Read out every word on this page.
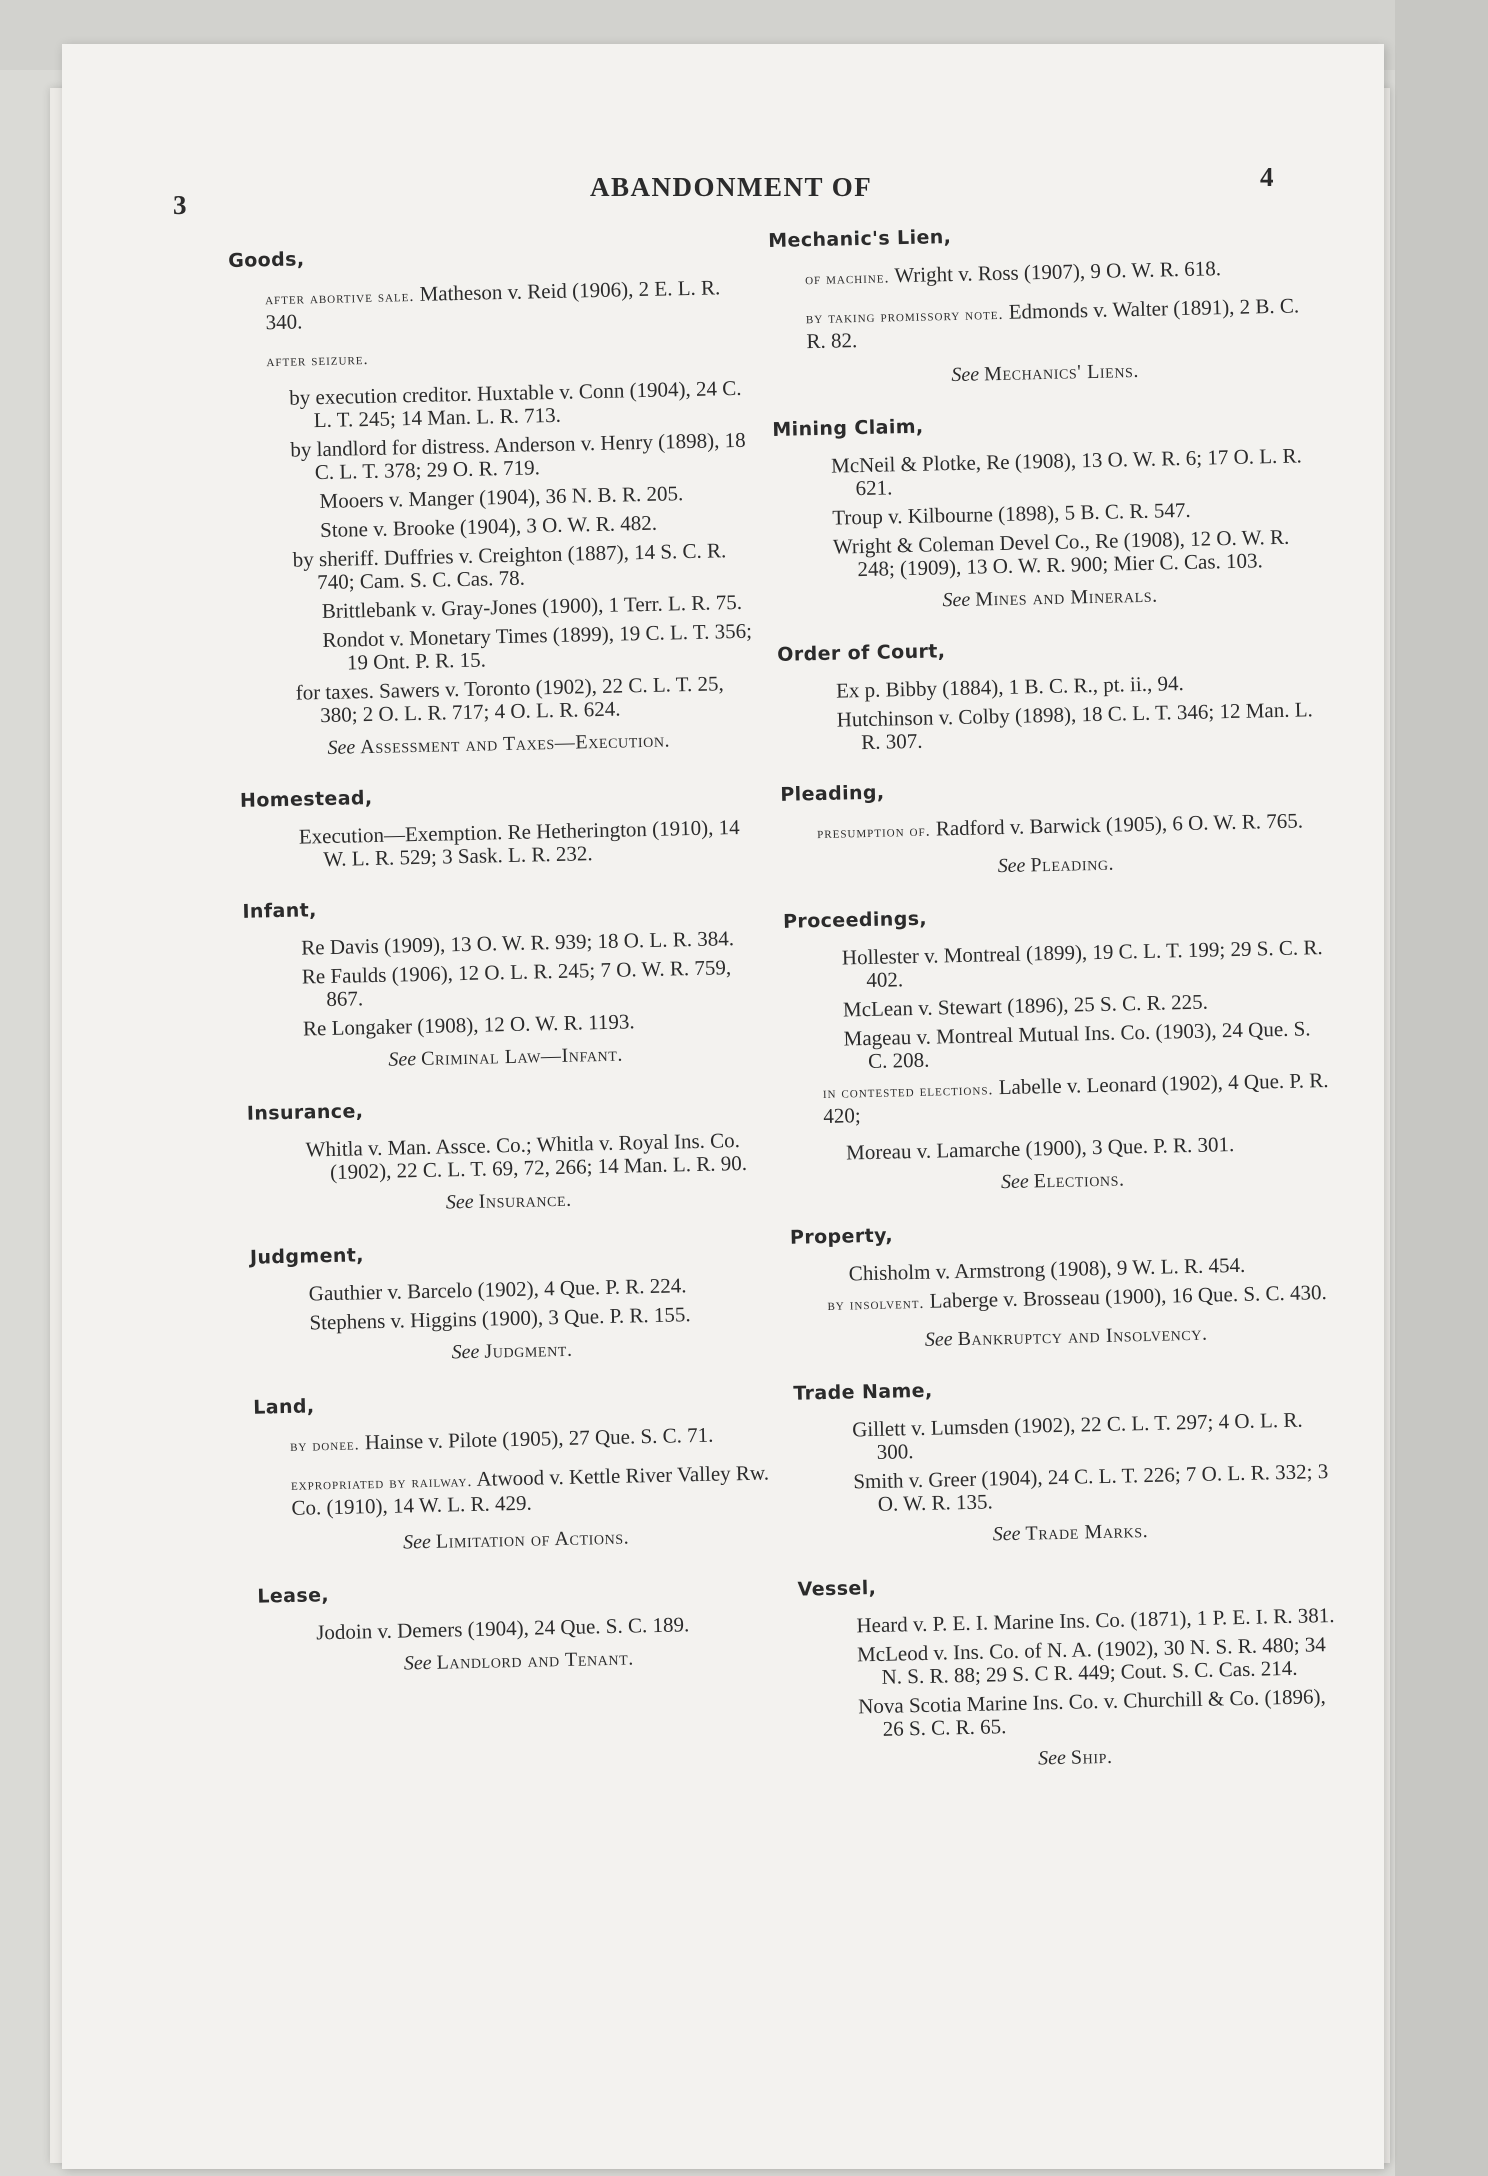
3
ABANDONMENT OF	4
Goods,
after abortive sale. Matheson v. Reid (1906), 2 E. L. R. 340.
after seizure.
by execution creditor. Huxtable v. Conn (1904), 24 C. L. T. 245; 14 Man. L. R. 713.
by landlord for distress. Anderson v. Henry (1898), 18 C. L. T. 378; 29 O. R. 719.
Mooers v. Manger (1904), 36 N. B. R. 205.
Stone v. Brooke (1904), 3 O. W. R. 482.
by sheriff. Duffries v. Creighton (1887), 14 S. C. R. 740; Cam. S. C. Cas. 78.
Brittlebank v. Gray-Jones (1900), 1 Terr. L. R. 75.
Rondot v. Monetary Times (1899), 19 C. L. T. 356; 19 Ont. P. R. 15.
for taxes. Sawers v. Toronto (1902), 22 C. L. T. 25, 380; 2 O. L. R. 717; 4 O. L. R. 624.
See Assessment and Taxes—Execution.
Homestead,
Execution—Exemption. Re Hetherington (1910), 14 W. L. R. 529; 3 Sask. L. R. 232.
Infant,
Re Davis (1909), 13 O. W. R. 939; 18 O. L. R. 384.
Re Faulds (1906), 12 O. L. R. 245; 7 O. W. R. 759, 867.
Re Longaker (1908), 12 O. W. R. 1193.
See Criminal Law—Infant.
Insurance,
Whitla v. Man. Assce. Co.; Whitla v. Royal Ins. Co. (1902), 22 C. L. T. 69, 72, 266; 14 Man. L. R. 90.
See Insurance.
Judgment,
Gauthier v. Barcelo (1902), 4 Que. P. R. 224.
Stephens v. Higgins (1900), 3 Que. P. R. 155.
See Judgment.
Land,
by donee. Hainse v. Pilote (1905), 27 Que. S. C. 71.
expropriated by railway. Atwood v. Kettle River Valley Rw. Co. (1910), 14 W. L. R. 429.
See Limitation of Actions.
Lease,
Jodoin v. Demers (1904), 24 Que. S. C. 189.
See Landlord and Tenant.
Mechanic's Lien,
of machine. Wright v. Ross (1907), 9 O. W. R. 618.
by taking promissory note. Edmonds v. Walter (1891), 2 B. C. R. 82.
See Mechanics' Liens.
Mining Claim,
McNeil & Plotke, Re (1908), 13 O. W. R. 6; 17 O. L. R. 621.
Troup v. Kilbourne (1898), 5 B. C. R. 547.
Wright & Coleman Devel Co., Re (1908), 12 O. W. R. 248; (1909), 13 O. W. R. 900; Mier C. Cas. 103.
See Mines and Minerals.
Order of Court,
Ex p. Bibby (1884), 1 B. C. R., pt. ii., 94.
Hutchinson v. Colby (1898), 18 C. L. T. 346; 12 Man. L. R. 307.
Pleading,
presumption of. Radford v. Barwick (1905), 6 O. W. R. 765.
See Pleading.
Proceedings,
Hollester v. Montreal (1899), 19 C. L. T. 199; 29 S. C. R. 402.
McLean v. Stewart (1896), 25 S. C. R. 225.
Mageau v. Montreal Mutual Ins. Co. (1903), 24 Que. S. C. 208.
in contested elections. Labelle v. Leonard (1902), 4 Que. P. R. 420;
Moreau v. Lamarche (1900), 3 Que. P. R. 301.
See Elections.
Property,
Chisholm v. Armstrong (1908), 9 W. L. R. 454.
by insolvent. Laberge v. Brosseau (1900), 16 Que. S. C. 430.
See Bankruptcy and Insolvency.
Trade Name,
Gillett v. Lumsden (1902), 22 C. L. T. 297; 4 O. L. R. 300.
Smith v. Greer (1904), 24 C. L. T. 226; 7 O. L. R. 332; 3 O. W. R. 135.
See Trade Marks.
Vessel,
Heard v. P. E. I. Marine Ins. Co. (1871), 1 P. E. I. R. 381.
McLeod v. Ins. Co. of N. A. (1902), 30 N. S. R. 480; 34 N. S. R. 88; 29 S. C R. 449; Cout. S. C. Cas. 214.
Nova Scotia Marine Ins. Co. v. Churchill & Co. (1896), 26 S. C. R. 65.
See Ship.
